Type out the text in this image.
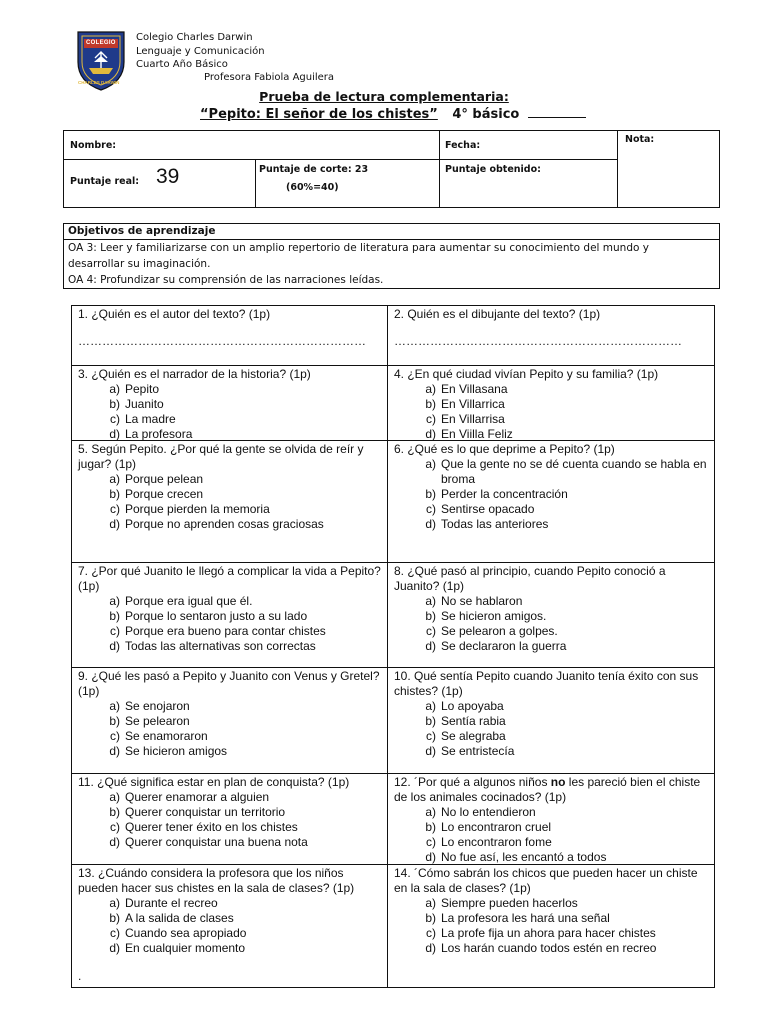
COLEGIO
CHARLES DARWIN
Colegio Charles Darwin
Lenguaje y Comunicación
Cuarto Año Básico
Profesora Fabiola Aguilera
Prueba de lectura complementaria:
“Pepito: El señor de los chistes” 4° básico
Nombre:	Fecha:
Nota:
Puntaje real: 39	Puntaje de corte: 23
(60%=40)
Puntaje obtenido:
Objetivos de aprendizaje
OA 3: Leer y familiarizarse con un amplio repertorio de literatura para aumentar su conocimiento del mundo y
desarrollar su imaginación.
OA 4: Profundizar su comprensión de las narraciones leídas.
1. ¿Quién es el autor del texto? (1p)
………………………………………………………………
2. Quién es el dibujante del texto? (1p)
………………………………………………………………
3. ¿Quién es el narrador de la historia? (1p)
a) Pepito
b) Juanito
c) La madre
d) La profesora
4. ¿En qué ciudad vivían Pepito y su familia? (1p)
a) En Villasana
b) En Villarrica
c) En Villarrisa
d) En Viilla Feliz
5. Según Pepito. ¿Por qué la gente se olvida de reír y jugar? (1p)
a) Porque pelean
b) Porque crecen
c) Porque pierden la memoria
d) Porque no aprenden cosas graciosas
6. ¿Qué es lo que deprime a Pepito? (1p)
a) Que la gente no se dé cuenta cuando se habla en broma
b) Perder la concentración
c) Sentirse opacado
d) Todas las anteriores
7. ¿Por qué Juanito le llegó a complicar la vida a Pepito? (1p)
a) Porque era igual que él.
b) Porque lo sentaron justo a su lado
c) Porque era bueno para contar chistes
d) Todas las alternativas son correctas
8. ¿Qué pasó al principio, cuando Pepito conoció a Juanito? (1p)
a) No se hablaron
b) Se hicieron amigos.
c) Se pelearon a golpes.
d) Se declararon la guerra
9. ¿Qué les pasó a Pepito y Juanito con Venus y Gretel? (1p)
a) Se enojaron
b) Se pelearon
c) Se enamoraron
d) Se hicieron amigos
10. Qué sentía Pepito cuando Juanito tenía éxito con sus chistes? (1p)
a) Lo apoyaba
b) Sentía rabia
c) Se alegraba
d) Se entristecía
11. ¿Qué significa estar en plan de conquista? (1p)
a) Querer enamorar a alguien
b) Querer conquistar un territorio
c) Querer tener éxito en los chistes
d) Querer conquistar una buena nota
12. ´Por qué a algunos niños no les pareció bien el chiste de los animales cocinados? (1p)
a) No lo entendieron
b) Lo encontraron cruel
c) Lo encontraron fome
d) No fue así, les encantó a todos
13. ¿Cuándo considera la profesora que los niños pueden hacer sus chistes en la sala de clases? (1p)
a) Durante el recreo
b) A la salida de clases
c) Cuando sea apropiado
d) En cualquier momento
.
14. ´Cómo sabrán los chicos que pueden hacer un chiste en la sala de clases? (1p)
a) Siempre pueden hacerlos
b) La profesora les hará una señal
c) La profe fija un ahora para hacer chistes
d) Los harán cuando todos estén en recreo
